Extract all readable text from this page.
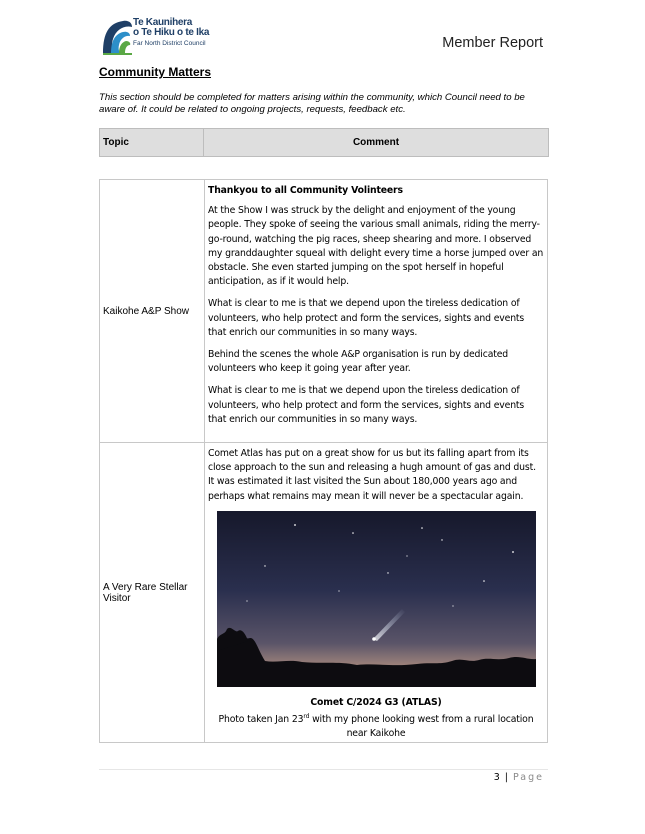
Te Kaunihera
o Te Hiku o te Ika
Far North District Council	Member Report
Community Matters
This section should be completed for matters arising within the community, which Council need to be aware of. It could be related to ongoing projects, requests, feedback etc.
Topic	Comment
Kaikohe A&P Show

Thankyou to all Community Volinteers

At the Show I was struck by the delight and enjoyment of the young people. They spoke of seeing the various small animals, riding the merry-go-round, watching the pig races, sheep shearing and more. I observed my granddaughter squeal with delight every time a horse jumped over an obstacle. She even started jumping on the spot herself in hopeful anticipation, as if it would help.

What is clear to me is that we depend upon the tireless dedication of volunteers, who help protect and form the services, sights and events that enrich our communities in so many ways.

Behind the scenes the whole A&P organisation is run by dedicated volunteers who keep it going year after year.

What is clear to me is that we depend upon the tireless dedication of volunteers, who help protect and form the services, sights and events that enrich our communities in so many ways.

A Very Rare Stellar Visitor

Comet Atlas has put on a great show for us but its falling apart from its close approach to the sun and releasing a hugh amount of gas and dust. It was estimated it last visited the Sun about 180,000 years ago and perhaps what remains may mean it will never be a spectacular again.

Comet C/2024 G3 (ATLAS)
Photo taken Jan 23rd with my phone looking west from a rural location near Kaikohe
3 | Page
